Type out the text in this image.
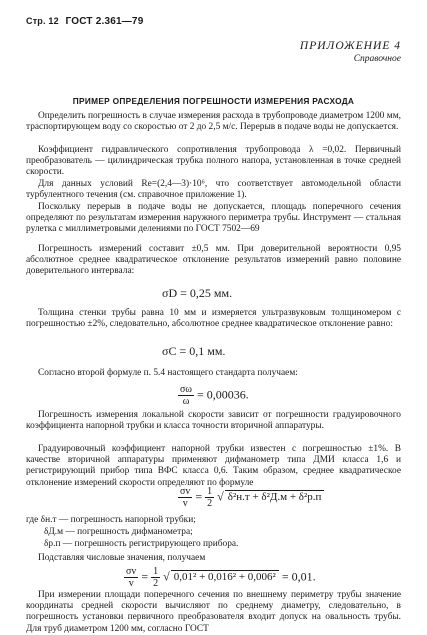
Стр. 12 ГОСТ 2.361—79
ПРИЛОЖЕНИЕ 4
Справочное
ПРИМЕР ОПРЕДЕЛЕНИЯ ПОГРЕШНОСТИ ИЗМЕРЕНИЯ РАСХОДА
Определить погрешность в случае измерения расхода в трубопроводе диаметром 1200 мм, траспортирующем воду со скоростью от 2 до 2,5 м/с. Перерыв в подаче воды не допускается.
Коэффициент гидравлического сопротивления трубопровода λ =0,02. Первичный преобразователь — цилиндрическая трубка полного напора, установленная в точке средней скорости.
Для данных условий Re=(2,4—3)·10⁶, что соответствует автомодельной области турбулентного течения (см. справочное приложение 1).
Поскольку перерыв в подаче воды не допускается, площадь поперечного сечения определяют по результатам измерения наружного периметра трубы. Инструмент — стальная рулетка с миллиметровыми делениями по ГОСТ 7502—69
Погрешность измерений составит ±0,5 мм. При доверительной вероятности 0,95 абсолютное среднее квадратическое отклонение результатов измерений равно половине доверительного интервала:
σD = 0,25 мм.
Толщина стенки трубы равна 10 мм и измеряется ультразвуковым толщиномером с погрешностью ±2%, следовательно, абсолютное среднее квадратическое отклонение равно:
σC = 0,1 мм.
Согласно второй формуле п. 5.4 настоящего стандарта получаем:
$\frac{\sigma\omega}{\omega} = 0,00036$.
Погрешность измерения локальной скорости зависит от погрешности градуировочного коэффициента напорной трубки и класса точности вторичной аппаратуры.
Градуировочный коэффициент напорной трубки известен с погрешностью ±1%. В качестве вторичной аппаратуры применяют дифманометр типа ДМИ класса 1,6 и регистрирующий прибор типа ВФС класса 0,6. Таким образом, среднее квадратическое отклонение измерений скорости определяют по формуле
$\frac{\sigma v}{v} = \frac{1}{2}$ √ δ²н.т + δ²Д.м + δ²р.п
где δн.т — погрешность напорной трубки;
δД.м — погрешность дифманометра;
δр.п — погрешность регистрирующего прибора.
Подставляя числовые значения, получаем
$\frac{\sigma v}{v} = \frac{1}{2}$ √ 0,01² + 0,016² + 0,006² = 0,01.
При измерении площади поперечного сечения по внешнему периметру трубы значение координаты средней скорости вычисляют по среднему диаметру, следовательно, в погрешность установки первичного преобразователя входит допуск на овальность трубы. Для труб диаметром 1200 мм, согласно ГОСТ
